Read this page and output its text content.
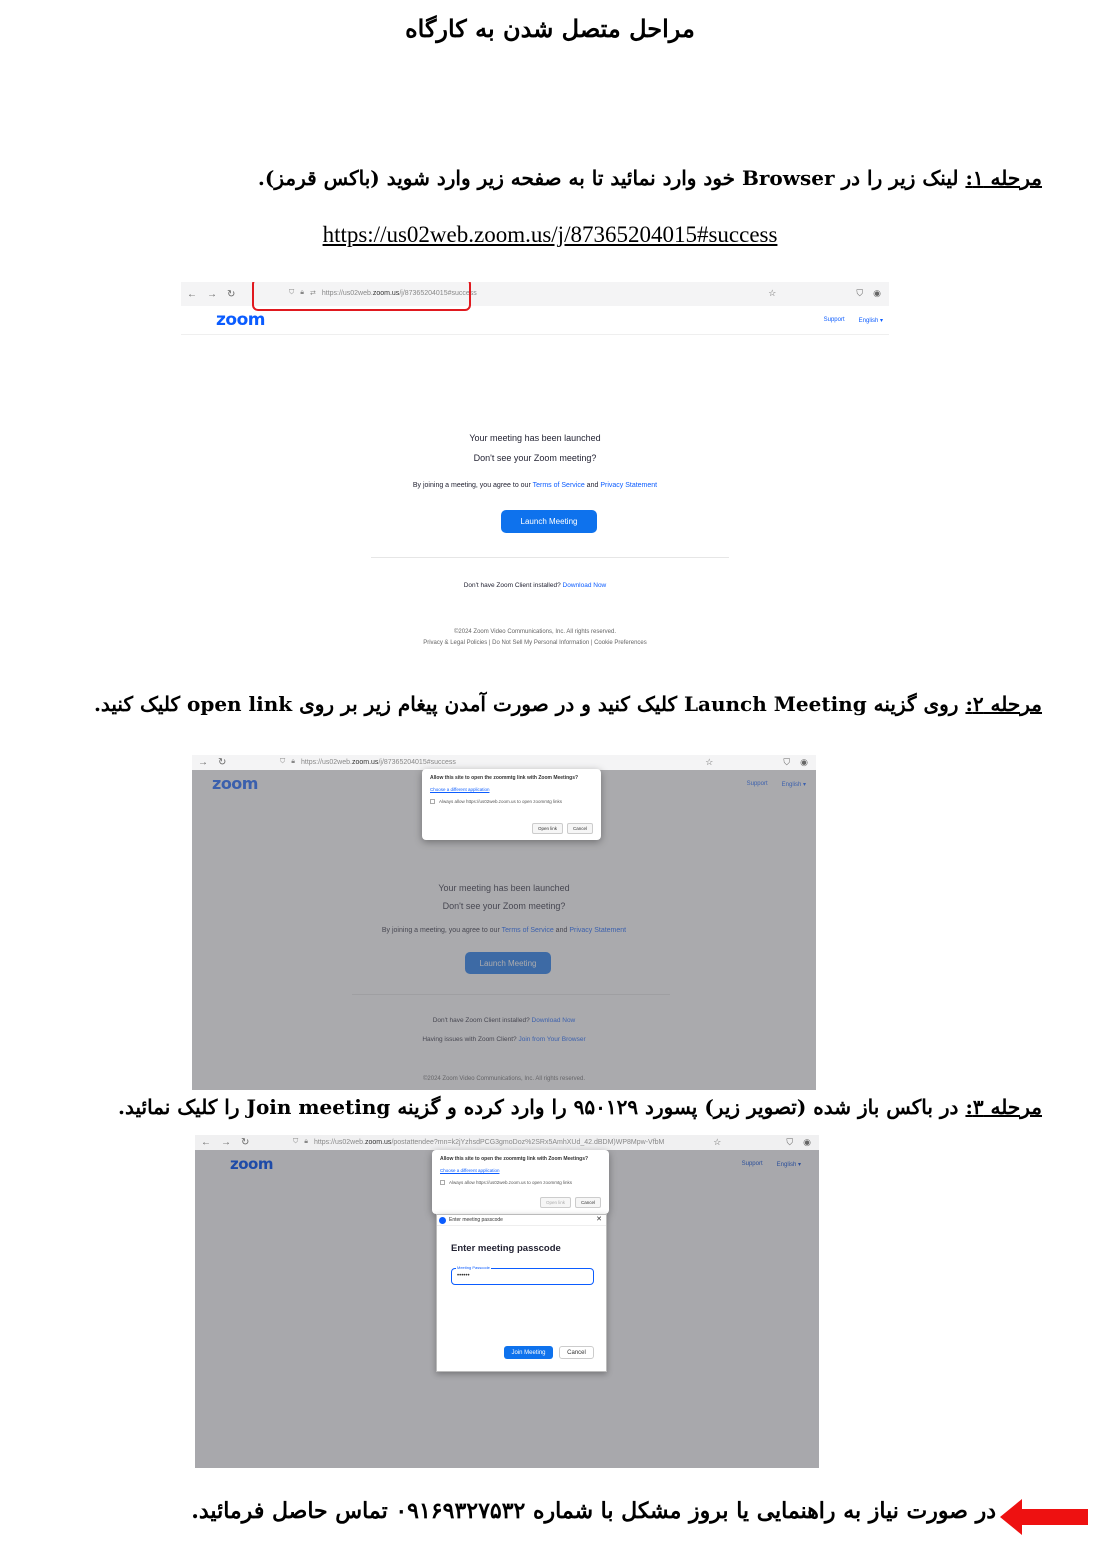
مراحل متصل شدن به کارگاه
مرحله ۱: لینک زیر را در Browser خود وارد نمائید تا به صفحه زیر وارد شوید (باکس قرمز).
https://us02web.zoom.us/j/87365204015#success
← → ↻	⛉ 🔒︎ ⇄ https://us02web.zoom.us/j/87365204015#success	☆	⛉ ◉
zoom	Support English ▾
Your meeting has been launched
Don't see your Zoom meeting?
By joining a meeting, you agree to our Terms of Service and Privacy Statement
Launch Meeting
Don't have Zoom Client installed? Download Now
©2024 Zoom Video Communications, Inc. All rights reserved.
Privacy & Legal Policies | Do Not Sell My Personal Information | Cookie Preferences
مرحله ۲: روی گزینه Launch Meeting کلیک کنید و در صورت آمدن پیغام زیر بر روی open link کلیک کنید.
→ ↻	⛉ 🔒︎ https://us02web.zoom.us/j/87365204015#success	☆	⛉ ◉
Allow this site to open the zoommtg link with Zoom Meetings?
Choose a different application
Always allow https://us02web.zoom.us to open zoommtg links
Open link	Cancel
مرحله ۳: در باکس باز شده (تصویر زیر) پسورد ۹۵۰۱۲۹ را وارد کرده و گزینه Join meeting را کلیک نمائید.
← → ↻	⛉ 🔒︎ https://us02web.zoom.us/postattendee?mn=k2jYzhsdPCG3gmoDoz%2SRx5AmhXUd_42.dBDM)WP8Mpw-VfbM	☆	⛉ ◉
zoom	Support English ▾
Allow this site to open the zoommtg link with Zoom Meetings?
Choose a different application
Always allow https://us02web.zoom.us to open zoommtg links
Open link	Cancel
Enter meeting passcode	✕
Enter meeting passcode
Meeting Passcode
••••••
Join Meeting	Cancel
در صورت نیاز به راهنمایی یا بروز مشکل با شماره ۰۹۱۶۹۳۲۷۵۳۲ تماس حاصل فرمائید.
